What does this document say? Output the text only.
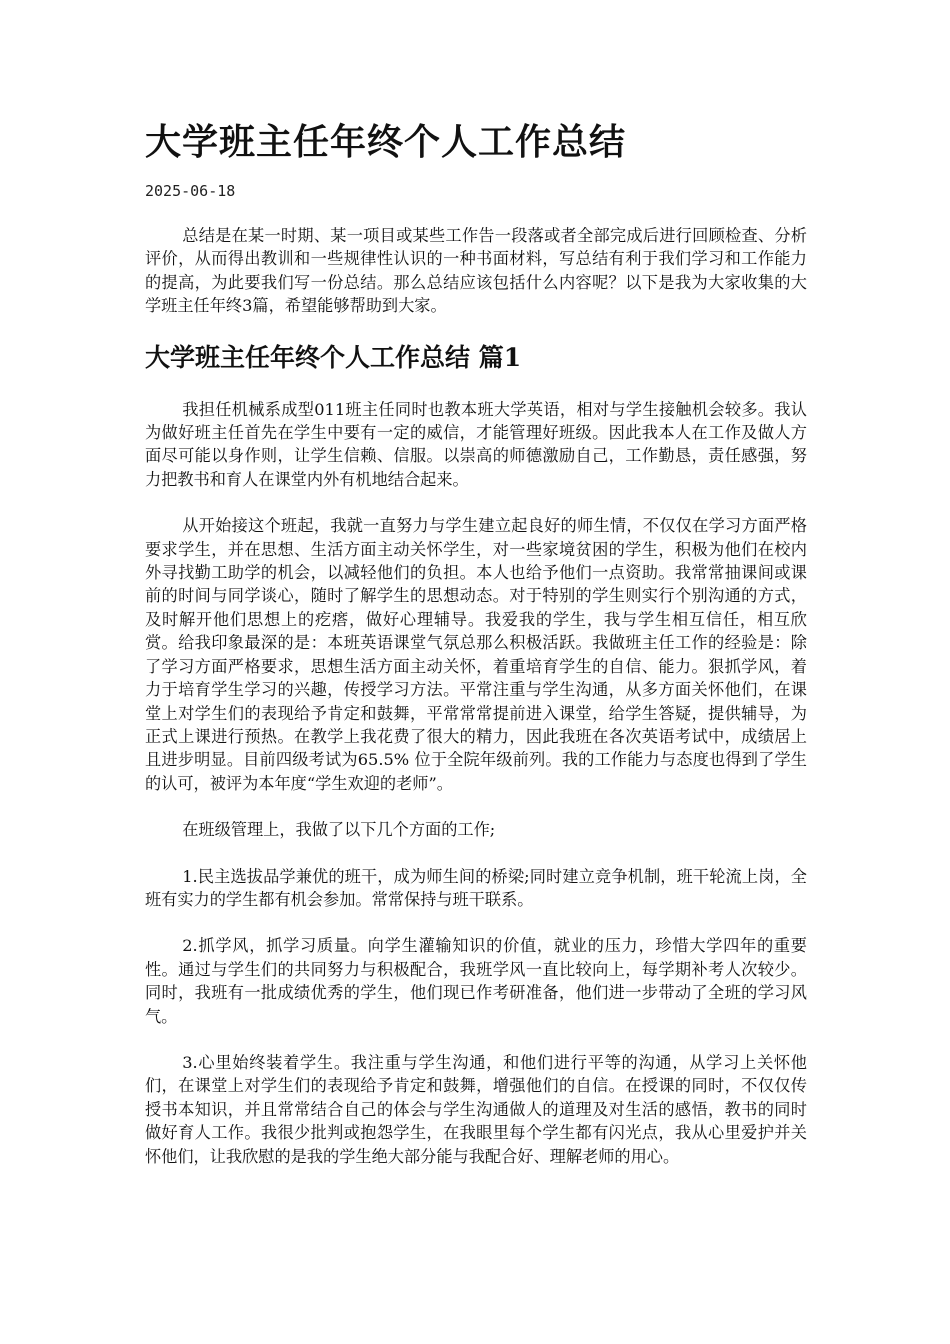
大学班主任年终个人工作总结
2025-06-18

总结是在某一时期、某一项目或某些工作告一段落或者全部完成后进行回顾检查、分析评价，从而得出教训和一些规律性认识的一种书面材料，写总结有利于我们学习和工作能力的提高，为此要我们写一份总结。那么总结应该包括什么内容呢？以下是我为大家收集的大学班主任年终3篇，希望能够帮助到大家。

大学班主任年终个人工作总结 篇1

我担任机械系成型011班主任同时也教本班大学英语，相对与学生接触机会较多。我认为做好班主任首先在学生中要有一定的威信，才能管理好班级。因此我本人在工作及做人方面尽可能以身作则，让学生信赖、信服。以崇高的师德激励自己，工作勤恳，责任感强，努力把教书和育人在课堂内外有机地结合起来。

从开始接这个班起，我就一直努力与学生建立起良好的师生情，不仅仅在学习方面严格要求学生，并在思想、生活方面主动关怀学生，对一些家境贫困的学生，积极为他们在校内外寻找勤工助学的机会，以减轻他们的负担。本人也给予他们一点资助。我常常抽课间或课前的时间与同学谈心，随时了解学生的思想动态。对于特别的学生则实行个别沟通的方式，及时解开他们思想上的疙瘩，做好心理辅导。我爱我的学生，我与学生相互信任，相互欣赏。给我印象最深的是：本班英语课堂气氛总那么积极活跃。我做班主任工作的经验是：除了学习方面严格要求，思想生活方面主动关怀，着重培育学生的自信、能力。狠抓学风，着力于培育学生学习的兴趣，传授学习方法。平常注重与学生沟通，从多方面关怀他们，在课堂上对学生们的表现给予肯定和鼓舞，平常常常提前进入课堂，给学生答疑，提供辅导，为正式上课进行预热。在教学上我花费了很大的精力，因此我班在各次英语考试中，成绩居上且进步明显。目前四级考试为65.5% 位于全院年级前列。我的工作能力与态度也得到了学生的认可，被评为本年度“学生欢迎的老师”。

在班级管理上，我做了以下几个方面的工作;

1.民主选拔品学兼优的班干，成为师生间的桥梁;同时建立竞争机制，班干轮流上岗，全班有实力的学生都有机会参加。常常保持与班干联系。

2.抓学风，抓学习质量。向学生灌输知识的价值，就业的压力，珍惜大学四年的重要性。通过与学生们的共同努力与积极配合，我班学风一直比较向上，每学期补考人次较少。同时，我班有一批成绩优秀的学生，他们现已作考研准备，他们进一步带动了全班的学习风气。

3.心里始终装着学生。我注重与学生沟通，和他们进行平等的沟通，从学习上关怀他们，在课堂上对学生们的表现给予肯定和鼓舞，增强他们的自信。在授课的同时，不仅仅传授书本知识，并且常常结合自己的体会与学生沟通做人的道理及对生活的感悟，教书的同时做好育人工作。我很少批判或抱怨学生，在我眼里每个学生都有闪光点，我从心里爱护并关怀他们，让我欣慰的是我的学生绝大部分能与我配合好、理解老师的用心。
